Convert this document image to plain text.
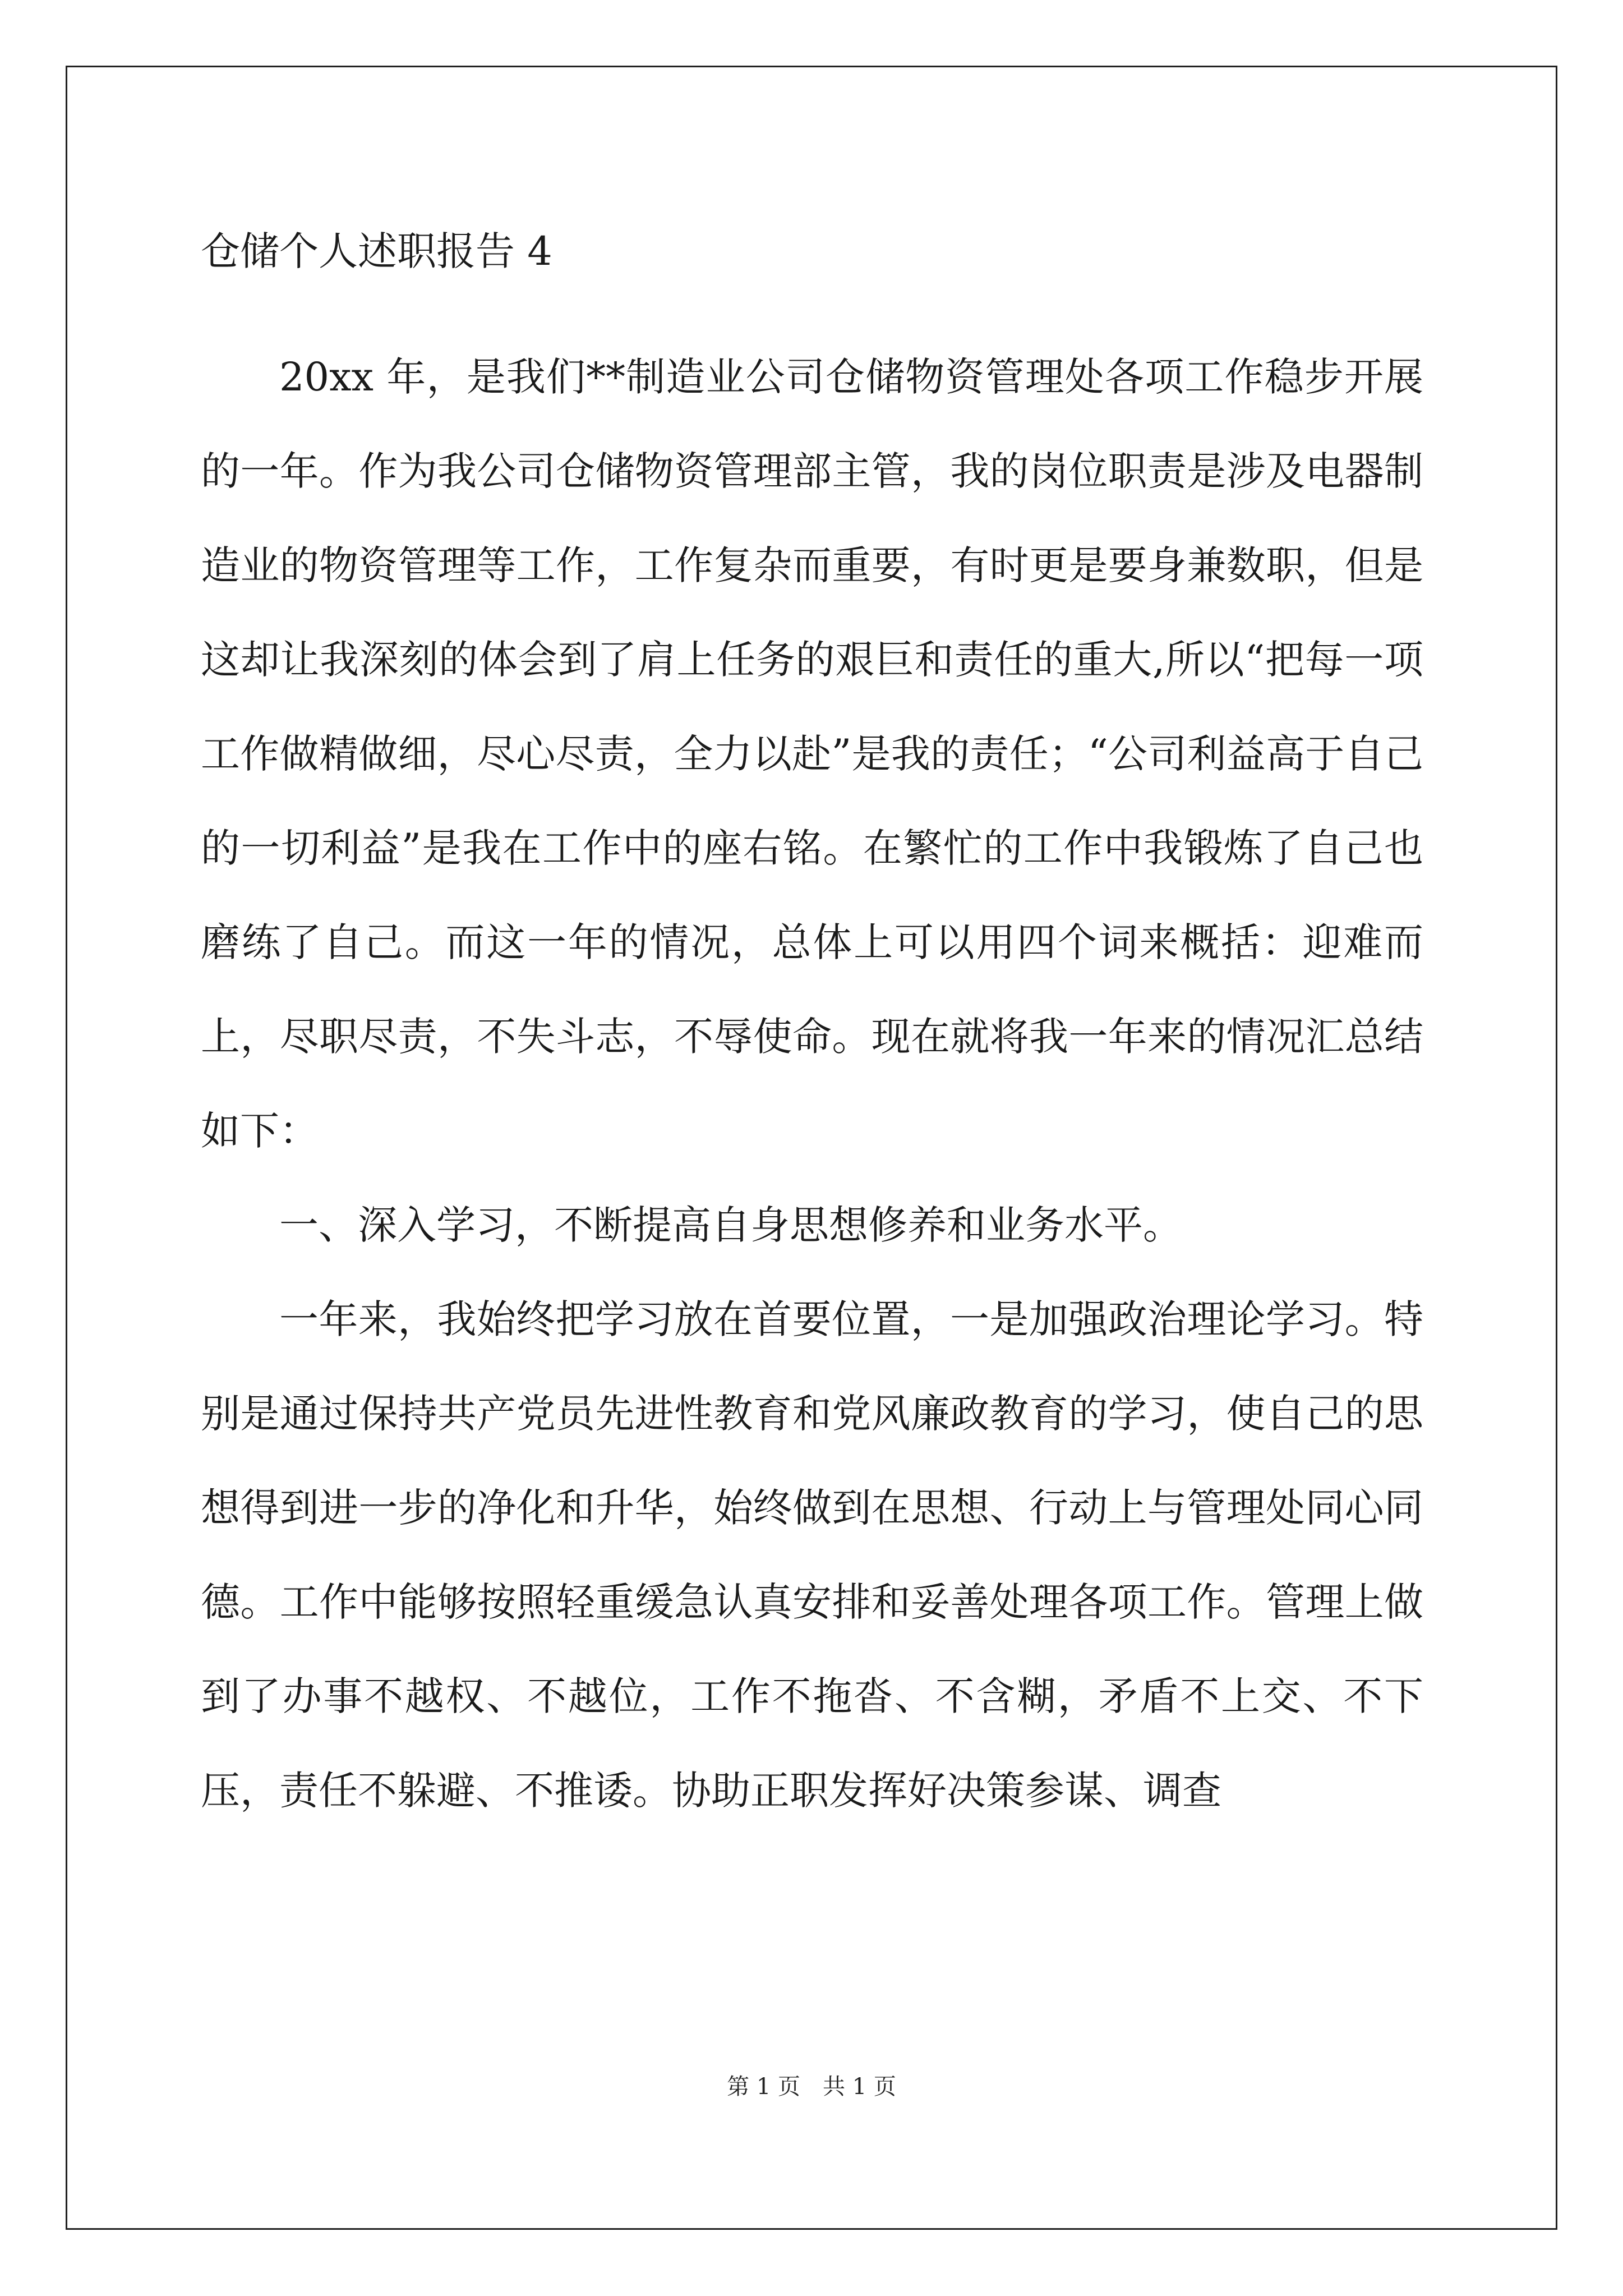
仓储个人述职报告 4

20xx 年，是我们**制造业公司仓储物资管理处各项工作稳步开展的一年。作为我公司仓储物资管理部主管，我的岗位职责是涉及电器制造业的物资管理等工作，工作复杂而重要，有时更是要身兼数职，但是这却让我深刻的体会到了肩上任务的艰巨和责任的重大,所以“把每一项工作做精做细，尽心尽责，全力以赴”是我的责任；“公司利益高于自己的一切利益”是我在工作中的座右铭。在繁忙的工作中我锻炼了自己也磨练了自己。而这一年的情况，总体上可以用四个词来概括：迎难而上，尽职尽责，不失斗志，不辱使命。现在就将我一年来的情况汇总结如下：

一、深入学习，不断提高自身思想修养和业务水平。

一年来，我始终把学习放在首要位置，一是加强政治理论学习。特别是通过保持共产党员先进性教育和党风廉政教育的学习，使自己的思想得到进一步的净化和升华，始终做到在思想、行动上与管理处同心同德。工作中能够按照轻重缓急认真安排和妥善处理各项工作。管理上做到了办事不越权、不越位，工作不拖沓、不含糊，矛盾不上交、不下压，责任不躲避、不推诿。协助正职发挥好决策参谋、调查

第 1 页　共 1 页
